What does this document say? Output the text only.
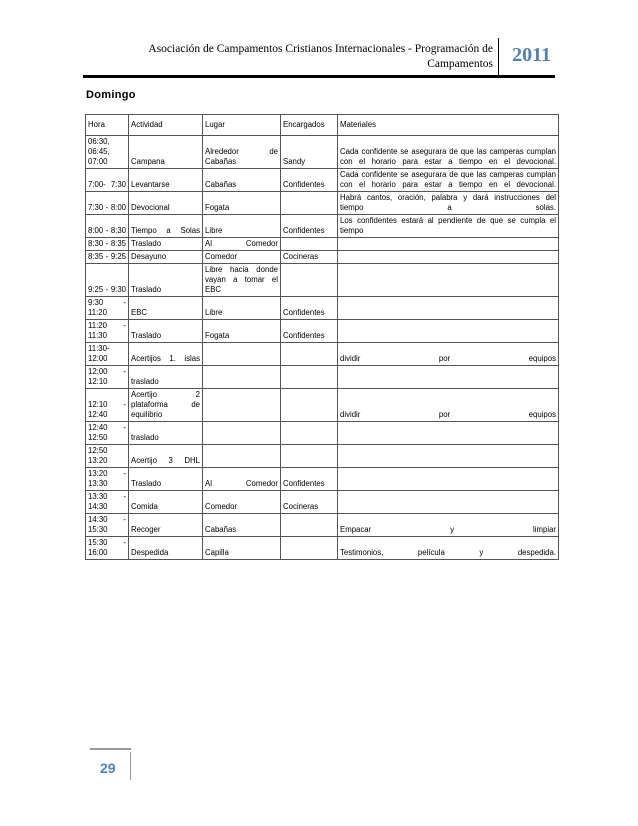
Asociación de Campamentos Cristianos Internacionales - Programación de
Campamentos 2011
Domingo
Hora	Actividad	Lugar	Encargados	Materiales
06:30, 06:45, 07:00	Campana	Alrededor de Cabañas	Sandy	Cada confidente se asegurara de que las camperas cumplan con el horario para estar a tiempo en el devocional.
7:00- 7:30	Levantarse	Cabañas	Confidentes	Cada confidente se asegurara de que las camperas cumplan con el horario para estar a tiempo en el devocional.
7:30 - 8:00	Devocional	Fogata		Habrá cantos, oración, palabra y dará instrucciones del tiempo a solas.
8:00 - 8:30	Tiempo a Solas	Libre	Confidentes	Los confidentes estará al pendiente de que se cumpla el tiempo
8:30 - 8:35	Traslado	Al Comedor		
8:35 - 9:25	Desayuno	Comedor	Cocineras	
9:25 - 9:30	Traslado	Libre hacia donde vayan a tomar el EBC		
9:30 - 11:20	EBC	Libre	Confidentes	
11:20 - 11:30	Traslado	Fogata	Confidentes	
11:30- 12:00	Acertijos 1. islas			dividir por equipos
12:00 - 12:10	traslado			
12:10 - 12:40	Acertijo 2 plataforma de equilibrio			dividir por equipos
12:40 - 12:50	traslado			
12:50 13:20	Acertijo 3 DHL			
13:20 - 13:30	Traslado	Al Comedor	Confidentes	
13:30 - 14:30	Comida	Comedor	Cocineras	
14:30 - 15:30	Recoger	Cabañas		Empacar y limpiar
15:30 - 16:00	Despedida	Capilla		Testimonios, película y despedida.
29
